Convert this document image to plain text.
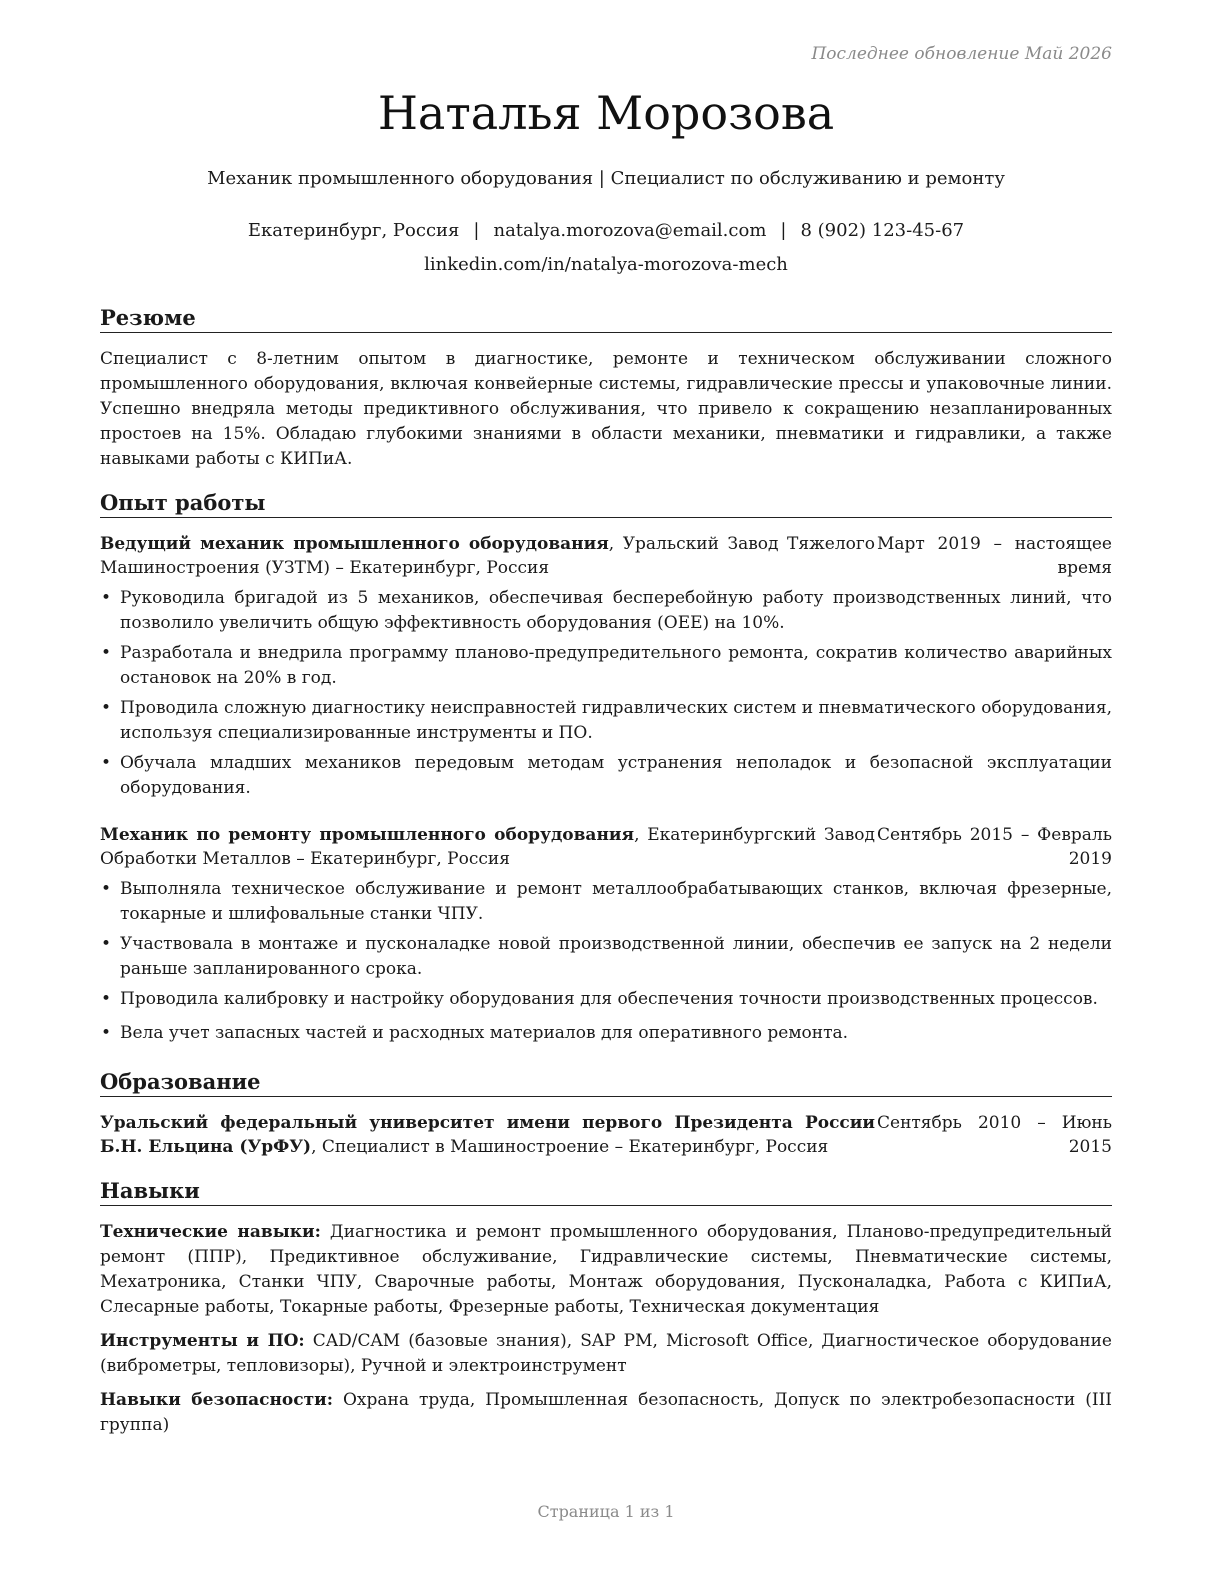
Последнее обновление Май 2026
Наталья Морозова

Механик промышленного оборудования | Специалист по обслуживанию и ремонту

Екатеринбург, Россия | natalya.morozova@email.com | 8 (902) 123-45-67

linkedin.com/in/natalya-morozova-mech

Резюме

Специалист с 8-летним опытом в диагностике, ремонте и техническом обслуживании сложного промышленного оборудования, включая конвейерные системы, гидравлические прессы и упаковочные линии. Успешно внедряла методы предиктивного обслуживания, что привело к сокращению незапланированных простоев на 15%. Обладаю глубокими знаниями в области механики, пневматики и гидравлики, а также навыками работы с КИПиА.

Опыт работы
Ведущий механик промышленного оборудования, Уральский Завод Тяжелого Машиностроения (УЗТМ) – Екатеринбург, Россия
Март 2019 – настоящее время
• Руководила бригадой из 5 механиков, обеспечивая бесперебойную работу производственных линий, что позволило увеличить общую эффективность оборудования (OEE) на 10%.
• Разработала и внедрила программу планово-предупредительного ремонта, сократив количество аварийных остановок на 20% в год.
• Проводила сложную диагностику неисправностей гидравлических систем и пневматического оборудования, используя специализированные инструменты и ПО.
• Обучала младших механиков передовым методам устранения неполадок и безопасной эксплуатации оборудования.
Механик по ремонту промышленного оборудования, Екатеринбургский Завод Обработки Металлов – Екатеринбург, Россия
Сентябрь 2015 – Февраль 2019
• Выполняла техническое обслуживание и ремонт металлообрабатывающих станков, включая фрезерные, токарные и шлифовальные станки ЧПУ.
• Участвовала в монтаже и пусконаладке новой производственной линии, обеспечив ее запуск на 2 недели раньше запланированного срока.
• Проводила калибровку и настройку оборудования для обеспечения точности производственных процессов.
• Вела учет запасных частей и расходных материалов для оперативного ремонта.
Образование
Уральский федеральный университет имени первого Президента России Б.Н. Ельцина (УрФУ), Специалист в Машиностроение – Екатеринбург, Россия
Сентябрь 2010 – Июнь 2015
Навыки

Технические навыки: Диагностика и ремонт промышленного оборудования, Планово-предупредительный ремонт (ППР), Предиктивное обслуживание, Гидравлические системы, Пневматические системы, Мехатроника, Станки ЧПУ, Сварочные работы, Монтаж оборудования, Пусконаладка, Работа с КИПиА, Слесарные работы, Токарные работы, Фрезерные работы, Техническая документация

Инструменты и ПО: CAD/CAM (базовые знания), SAP PM, Microsoft Office, Диагностическое оборудование (виброметры, тепловизоры), Ручной и электроинструмент

Навыки безопасности: Охрана труда, Промышленная безопасность, Допуск по электробезопасности (III группа)

Страница 1 из 1
